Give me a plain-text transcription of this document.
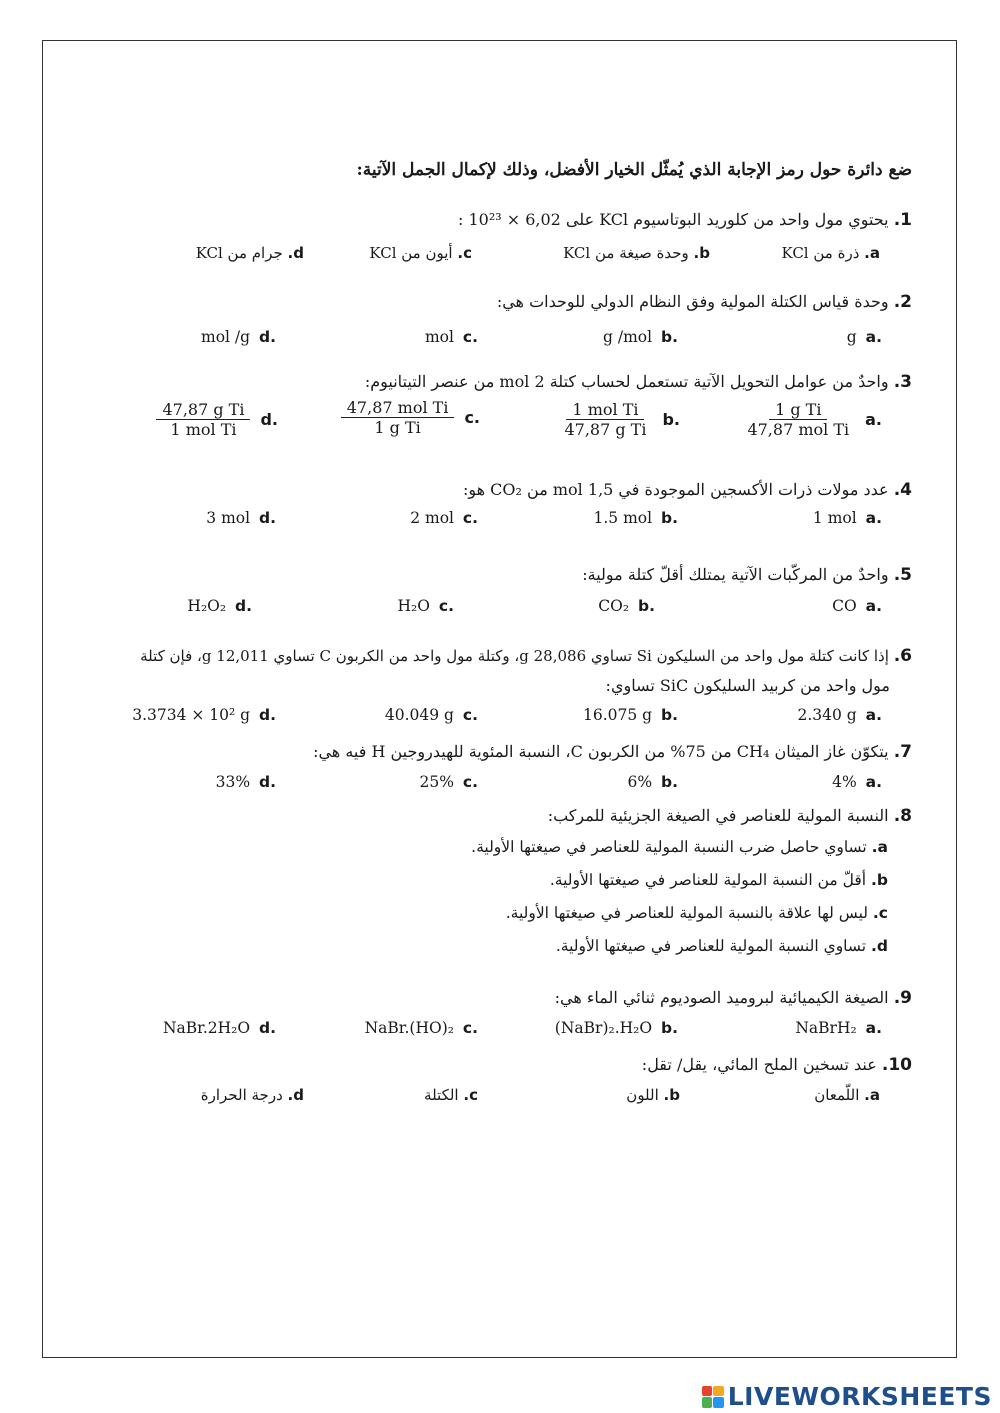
ضع دائرة حول رمز الإجابة الذي يُمثّل الخيار الأفضل، وذلك لإكمال الجمل الآتية:
1. يحتوي مول واحد من كلوريد البوتاسيوم KCl على 6,02 × 10²³ :
a. ذرة من KCl
b. وحدة صيغة من KCl
c. أيون من KCl
d. جرام من KCl
2. وحدة قياس الكتلة المولية وفق النظام الدولي للوحدات هي:
g a.
g /mol b.
mol c.
mol /g d.
3. واحدٌ من عوامل التحويل الآتية تستعمل لحساب كتلة 2 mol من عنصر التيتانيوم:
$\frac{\text{1 g Ti}}{\text{47,87 mol Ti}} a$.
$\frac{\text{1 mol Ti}}{\text{47,87 g Ti}} b$.
$\frac{\text{47,87 mol Ti}}{\text{1 g Ti}} c$.
$\frac{\text{47,87 g Ti}}{\text{1 mol Ti}} d$.
4. عدد مولات ذرات الأكسجين الموجودة في 1,5 mol من CO₂ هو:
1 mol a.
1.5 mol b.
2 mol c.
3 mol d.
5. واحدٌ من المركّبات الآتية يمتلك أقلّ كتلة مولية:
CO a.
CO₂ b.
H₂O c.
H₂O₂ d.
6. إذا كانت كتلة مول واحد من السليكون Si تساوي 28,086 g، وكتلة مول واحد من الكربون C تساوي 12,011 g، فإن كتلة
مول واحد من كربيد السليكون SiC تساوي:
2.340 g a.
16.075 g b.
40.049 g c.
3.3734 × 10² g d.
7. يتكوّن غاز الميثان CH₄ من 75% من الكربون C، النسبة المئوية للهيدروجين H فيه هي:
4% a.
6% b.
25% c.
33% d.
8. النسبة المولية للعناصر في الصيغة الجزيئية للمركب:
a. تساوي حاصل ضرب النسبة المولية للعناصر في صيغتها الأولية.
b. أقلّ من النسبة المولية للعناصر في صيغتها الأولية.
c. ليس لها علاقة بالنسبة المولية للعناصر في صيغتها الأولية.
d. تساوي النسبة المولية للعناصر في صيغتها الأولية.
9. الصيغة الكيميائية لبروميد الصوديوم ثنائي الماء هي:
NaBrH₂ a.
(NaBr)₂.H₂O b.
NaBr.(HO)₂ c.
NaBr.2H₂O d.
10. عند تسخين الملح المائي، يقل/ تقل:
a. اللّمعان
b. اللون
c. الكتلة
d. درجة الحرارة
LIVEWORKSHEETS
